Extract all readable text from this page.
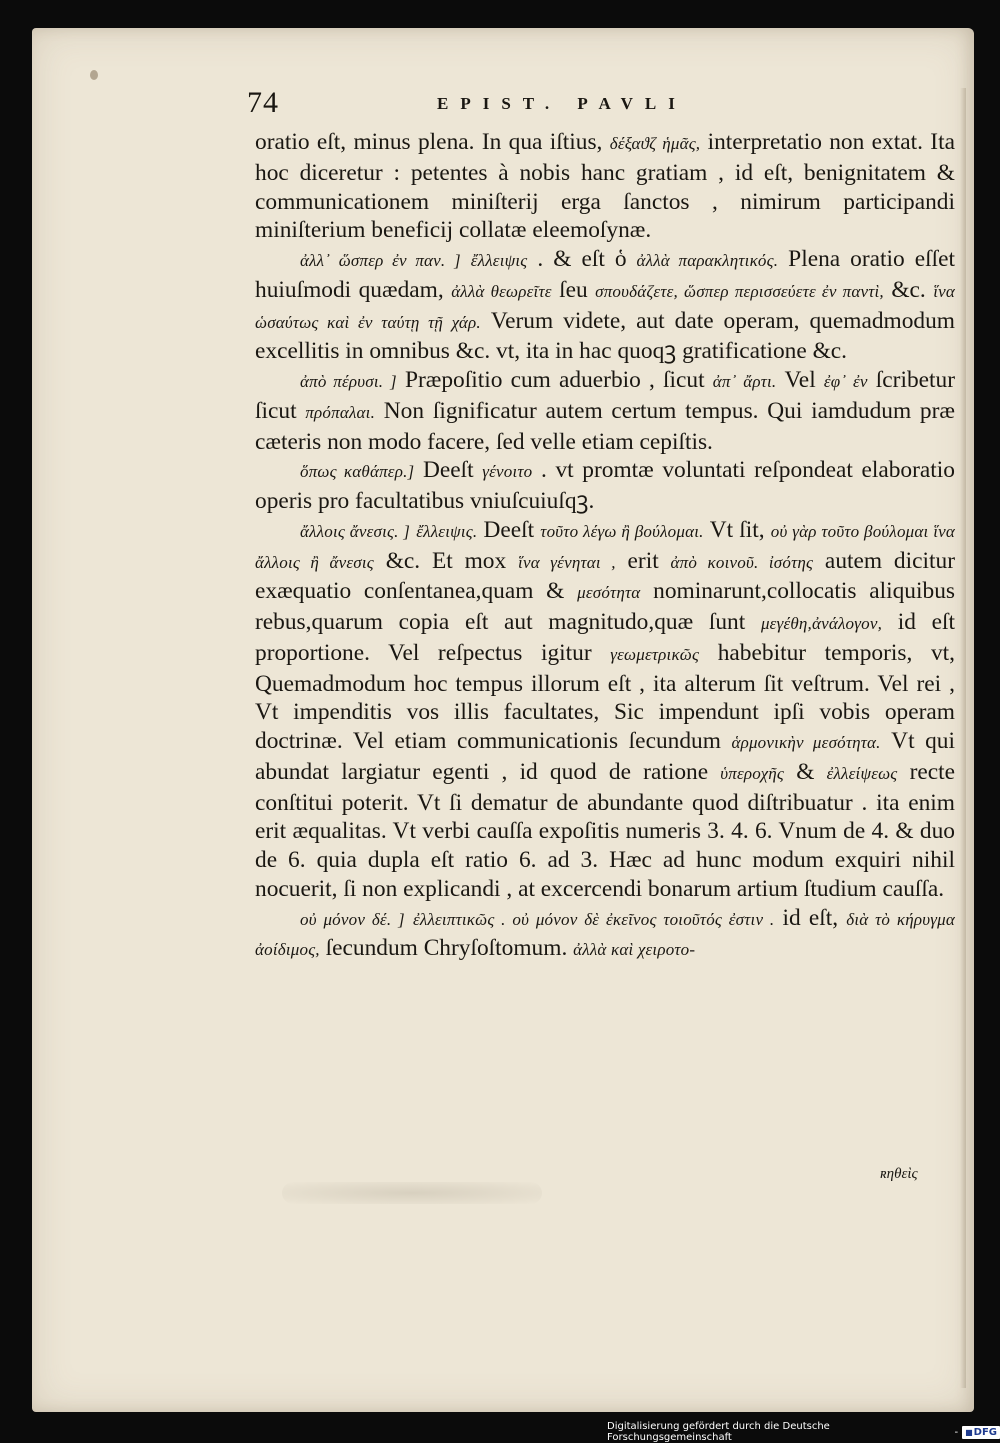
74	EPIST. PAVLI

oratio eſt, minus plena. In qua iſtius, δέξαϑζ ἡμᾶς, interpretatio non extat. Ita hoc diceretur : petentes à nobis hanc gratiam , id eſt, benignitatem & communicationem miniſterij erga ſanctos , nimirum participandi miniſterium beneficij collatæ eleemoſynæ.

ἀλλ᾽ ὥσπερ ἐν παν. ] ἔλλειψις . & eſt ὁ ἀλλὰ παρακλητικός. Plena oratio eſſet huiuſmodi quædam, ἀλλὰ θεωρεῖτε ſeu σπουδάζετε, ὥσπερ περισσεύετε ἐν παντὶ, &c. ἵνα ὡσαύτως καὶ ἐν ταύτῃ τῇ χάρ. Verum videte, aut date operam, quemadmodum excellitis in omnibus &c. vt, ita in hac quoqꝫ gratificatione &c.

ἀπὸ πέρυσι. ] Præpoſitio cum aduerbio , ſicut ἀπ᾽ ἄρτι. Vel ἐφ᾽ ἐν ſcribetur ſicut πρόπαλαι. Non ſignificatur autem certum tempus. Qui iamdudum præ cæteris non modo facere, ſed velle etiam cepiſtis.

ὅπως καθάπερ.] Deeſt γένοιτο . vt promtæ voluntati reſpondeat elaboratio operis pro facultatibus vniuſcuiuſqꝫ.

ἄλλοις ἄνεσις. ] ἔλλειψις. Deeſt τοῦτο λέγω ἢ βούλομαι. Vt ſit, οὐ γὰρ τοῦτο βούλομαι ἵνα ἄλλοις ἢ ἄνεσις &c. Et mox ἵνα γένηται , erit ἀπὸ κοινοῦ. ἰσότης autem dicitur exæquatio conſentanea,quam & μεσότητα nominarunt,collocatis aliquibus rebus,quarum copia eſt aut magnitudo,quæ ſunt μεγέθη,ἀνάλογον, id eſt proportione. Vel reſpectus igitur γεωμετρικῶς habebitur temporis, vt, Quemadmodum hoc tempus illorum eſt , ita alterum ſit veſtrum. Vel rei , Vt impenditis vos illis facultates, Sic impendunt ipſi vobis operam doctrinæ. Vel etiam communicationis ſecundum ἁρμονικὴν μεσότητα. Vt qui abundat largiatur egenti , id quod de ratione ὑπεροχῆς & ἐλλείψεως recte conſtitui poterit. Vt ſi dematur de abundante quod diſtribuatur . ita enim erit æqualitas. Vt verbi cauſſa expoſitis numeris 3. 4. 6. Vnum de 4. & duo de 6. quia dupla eſt ratio 6. ad 3. Hæc ad hunc modum exquiri nihil nocuerit, ſi non explicandi , at excercendi bonarum artium ſtudium cauſſa.

οὐ μόνον δέ. ] ἐλλειπτικῶς . οὐ μόνον δὲ ἐκεῖνος τοιοῦτός ἐστιν . id eſt, διὰ τὸ κήρυγμα ἀοίδιμος, ſecundum Chryſoſtomum. ἀλλὰ καὶ χειροτο-

ʀηθεὶς
Digitalisierung gefördert durch die Deutsche Forschungsgemeinschaft	-
■	DFG
